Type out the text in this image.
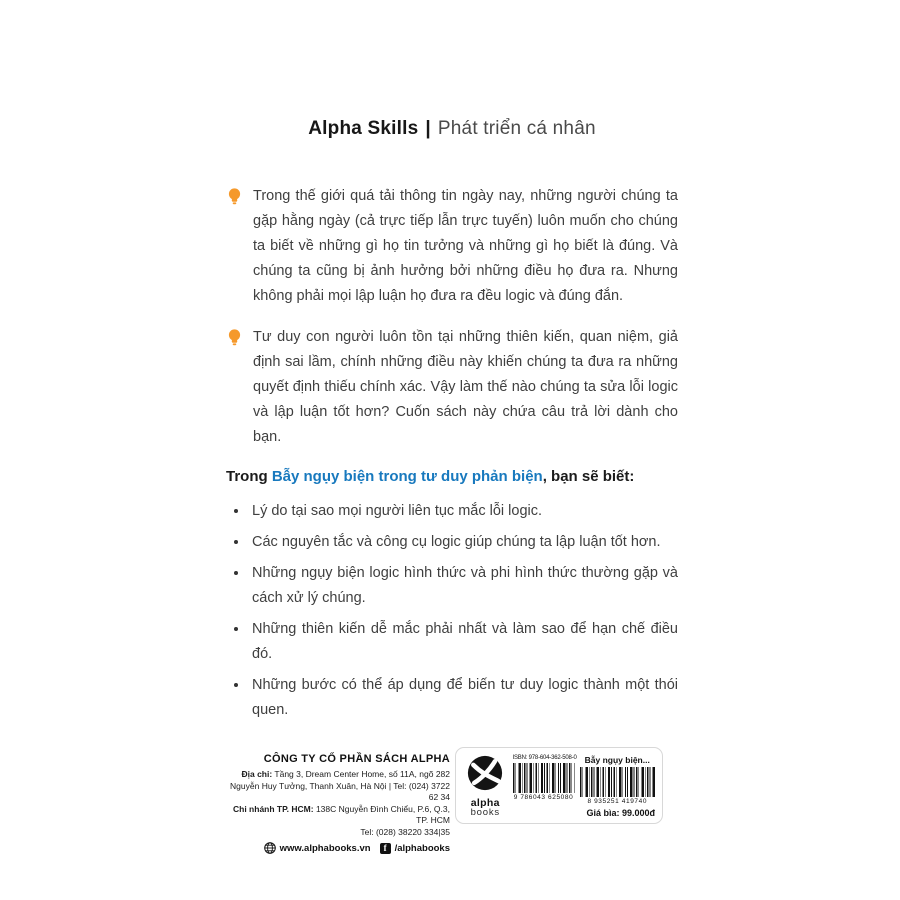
Alpha Skills | Phát triển cá nhân
Trong thế giới quá tải thông tin ngày nay, những người chúng ta gặp hằng ngày (cả trực tiếp lẫn trực tuyến) luôn muốn cho chúng ta biết về những gì họ tin tưởng và những gì họ biết là đúng. Và chúng ta cũng bị ảnh hưởng bởi những điều họ đưa ra. Nhưng không phải mọi lập luận họ đưa ra đều logic và đúng đắn.
Tư duy con người luôn tồn tại những thiên kiến, quan niệm, giả định sai lầm, chính những điều này khiến chúng ta đưa ra những quyết định thiếu chính xác. Vậy làm thế nào chúng ta sửa lỗi logic và lập luận tốt hơn? Cuốn sách này chứa câu trả lời dành cho bạn.
Trong Bẫy ngụy biện trong tư duy phản biện, bạn sẽ biết:
Lý do tại sao mọi người liên tục mắc lỗi logic.
Các nguyên tắc và công cụ logic giúp chúng ta lập luận tốt hơn.
Những ngụy biện logic hình thức và phi hình thức thường gặp và cách xử lý chúng.
Những thiên kiến dễ mắc phải nhất và làm sao để hạn chế điều đó.
Những bước có thể áp dụng để biến tư duy logic thành một thói quen.
CÔNG TY CỔ PHẦN SÁCH ALPHA
Địa chỉ: Tầng 3, Dream Center Home, số 11A, ngõ 282
Nguyễn Huy Tưởng, Thanh Xuân, Hà Nội | Tel: (024) 3722 62 34
Chi nhánh TP. HCM: 138C Nguyễn Đình Chiểu, P.6, Q.3, TP. HCM
Tel: (028) 38220 334|35
www.alphabooks.vn	f /alphabooks
alpha
books
ISBN: 978-604-362-508-0
9 786043 625080
Bẫy ngụy biện...
8 935251 419740
Giá bìa: 99.000đ
